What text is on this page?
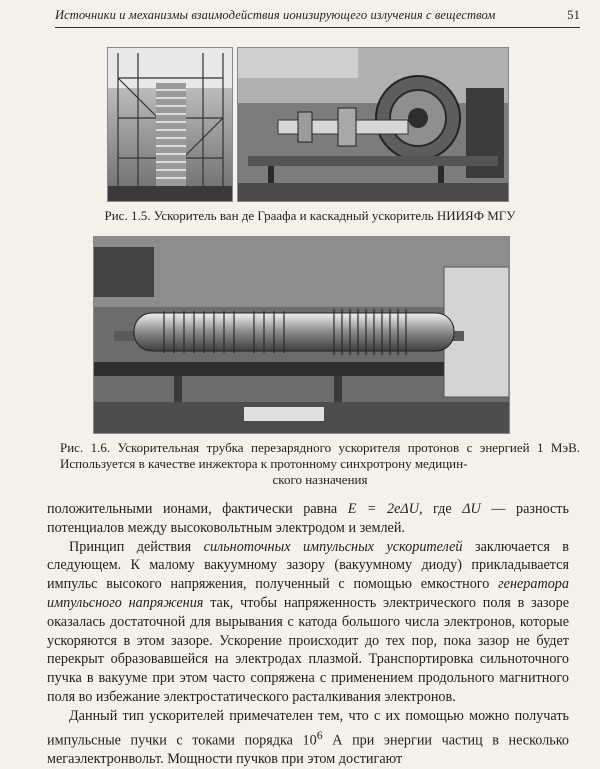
Источники и механизмы взаимодействия ионизирующего излучения с веществом	51
Рис. 1.5. Ускоритель ван де Граафа и каскадный ускоритель НИИЯФ МГУ
Рис. 1.6. Ускорительная трубка перезарядного ускорителя протонов с энергией 1 МэВ. Используется в качестве инжектора к протонному синхротрону медицин-
ского назначения

положительными ионами, фактически равна E = 2eΔU, где ΔU — разность потенциалов между высоковольтным электродом и землей.

Принцип действия сильноточных импульсных ускорителей заключается в следующем. К малому вакуумному зазору (вакуумному диоду) прикладывается импульс высокого напряжения, полученный с помощью емкостного генератора импульсного напряжения так, чтобы напряженность электрического поля в зазоре оказалась достаточной для вырывания с катода большого числа электронов, которые ускоряются в этом зазоре. Ускорение происходит до тех пор, пока зазор не будет перекрыт образовавшейся на электродах плазмой. Транспортировка сильноточного пучка в вакууме при этом часто сопряжена с применением продольного магнитного поля во избежание электростатического расталкивания электронов.

Данный тип ускорителей примечателен тем, что с их помощью можно получать импульсные пучки с токами порядка $10^6$ А при энергии частиц в несколько мегаэлектронвольт. Мощности пучков при этом достигают
